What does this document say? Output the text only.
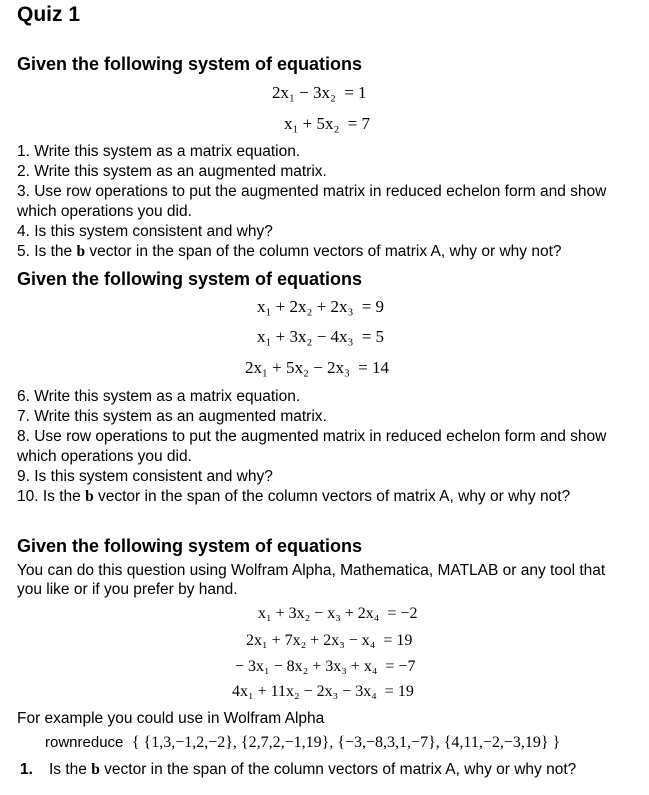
Quiz 1
Given the following system of equations
2x₁ − 3x₂ = 1
x₁ + 5x₂ = 7
1. Write this system as a matrix equation.
2. Write this system as an augmented matrix.
3. Use row operations to put the augmented matrix in reduced echelon form and show
which operations you did.
4. Is this system consistent and why?
5. Is the b vector in the span of the column vectors of matrix A, why or why not?
Given the following system of equations
x₁ + 2x₂ + 2x₃ = 9
x₁ + 3x₂ − 4x₃ = 5
2x₁ + 5x₂ − 2x₃ = 14
6. Write this system as a matrix equation.
7. Write this system as an augmented matrix.
8. Use row operations to put the augmented matrix in reduced echelon form and show
which operations you did.
9. Is this system consistent and why?
10. Is the b vector in the span of the column vectors of matrix A, why or why not?
Given the following system of equations
You can do this question using Wolfram Alpha, Mathematica, MATLAB or any tool that
you like or if you prefer by hand.
x₁ + 3x₂ − x₃ + 2x₄ = −2
2x₁ + 7x₂ + 2x₃ − x₄ = 19
− 3x₁ − 8x₂ + 3x₃ + x₄ = −7
4x₁ + 11x₂ − 2x₃ − 3x₄ = 19
For example you could use in Wolfram Alpha
rownreduce { {1,3,−1,2,−2}, {2,7,2,−1,19}, {−3,−8,3,1,−7}, {4,11,−2,−3,19} }
1. Is the b vector in the span of the column vectors of matrix A, why or why not?
